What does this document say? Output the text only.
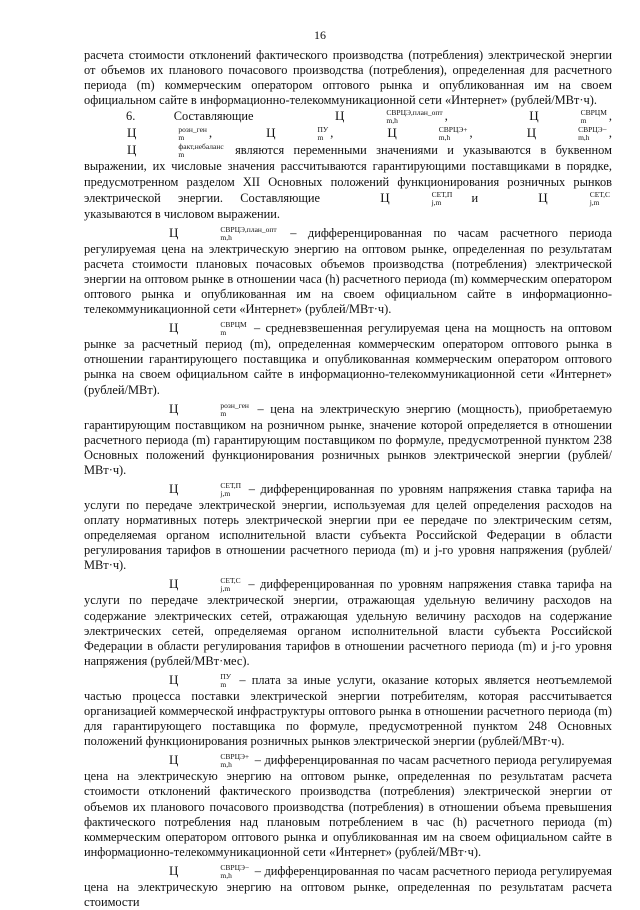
16

расчета стоимости отклонений фактического производства (потребления) электрической энергии от объемов их планового почасового производства (потребления), определенная для расчетного периода (m) коммерческим оператором оптового рынка и опубликованная им на своем официальном сайте в информационно-телекоммуникационной сети «Интернет» (рублей/МВт·ч).

6. Составляющие	Ц	СВРЦЭ,план_опт
m,h	,	Ц	СВРЦМ
m	, Ц	розн_ген
m	,	Ц	ПУ
m ,	Ц	СВРЦЭ+
m,h	,	Ц	СВРЦЭ−
m,h	, Ц	факт,небаланс
m	являются переменными значениями и указываются в буквенном выражении, их числовые значения рассчитываются гарантирующими поставщиками в порядке, предусмотренном разделом XII Основных положений функционирования розничных рынков электрической энергии. Составляющие	Ц	СЕТ,П
j,m	и	Ц	СЕТ,С
j,m
указываются в числовом выражении.

Ц	СВРЦЭ,план_опт
m,h	– дифференцированная по часам расчетного периода регулируемая цена на электрическую энергию на оптовом рынке, определенная по результатам расчета стоимости плановых почасовых объемов производства (потребления) электрической энергии на оптовом рынке в отношении часа (h) расчетного периода (m) коммерческим оператором оптового рынка и опубликованная им на своем официальном сайте в информационно-телекоммуникационной сети «Интернет» (рублей/МВт·ч).

Ц	СВРЦМ
m	– средневзвешенная регулируемая цена на мощность на оптовом рынке за расчетный период (m), определенная коммерческим оператором оптового рынка в отношении гарантирующего поставщика и опубликованная коммерческим оператором оптового рынка на своем официальном сайте в информационно-телекоммуникационной сети «Интернет» (рублей/МВт).

Ц	розн_ген
m	– цена на электрическую энергию (мощность), приобретаемую гарантирующим поставщиком на розничном рынке, значение которой определяется в отношении расчетного периода (m) гарантирующим поставщиком по формуле, предусмотренной пунктом 238 Основных положений функционирования розничных рынков электрической энергии (рублей/МВт·ч).

Ц	СЕТ,П
j,m	– дифференцированная по уровням напряжения ставка тарифа на услуги по передаче электрической энергии, используемая для целей определения расходов на оплату нормативных потерь электрической энергии при ее передаче по электрическим сетям, определяемая органом исполнительной власти субъекта Российской Федерации в области регулирования тарифов в отношении расчетного периода (m) и j-го уровня напряжения (рублей/МВт·ч).

Ц	СЕТ,С
j,m	– дифференцированная по уровням напряжения ставка тарифа на услуги по передаче электрической энергии, отражающая удельную величину расходов на содержание электрических сетей, отражающая удельную величину расходов на содержание электрических сетей, определяемая органом исполнительной власти субъекта Российской Федерации в области регулирования тарифов в отношении расчетного периода (m) и j-го уровня напряжения (рублей/МВт·мес).

Ц	ПУ
m	– плата за иные услуги, оказание которых является неотъемлемой частью процесса поставки электрической энергии потребителям, которая рассчитывается организацией коммерческой инфраструктуры оптового рынка в отношении расчетного периода (m) для гарантирующего поставщика по формуле, предусмотренной пунктом 248 Основных положений функционирования розничных рынков электрической энергии (рублей/МВт·ч).

Ц	СВРЦЭ+
m,h	– дифференцированная по часам расчетного периода регулируемая цена на электрическую энергию на оптовом рынке, определенная по результатам расчета стоимости отклонений фактического производства (потребления) электрической энергии от объемов их планового почасового производства (потребления) в отношении объема превышения фактического потребления над плановым потреблением в час (h) расчетного периода (m) коммерческим оператором оптового рынка и опубликованная им на своем официальном сайте в информационно-телекоммуникационной сети «Интернет» (рублей/МВт·ч).

Ц	СВРЦЭ−
m,h	– дифференцированная по часам расчетного периода регулируемая цена на электрическую энергию на оптовом рынке, определенная по результатам расчета стоимости
